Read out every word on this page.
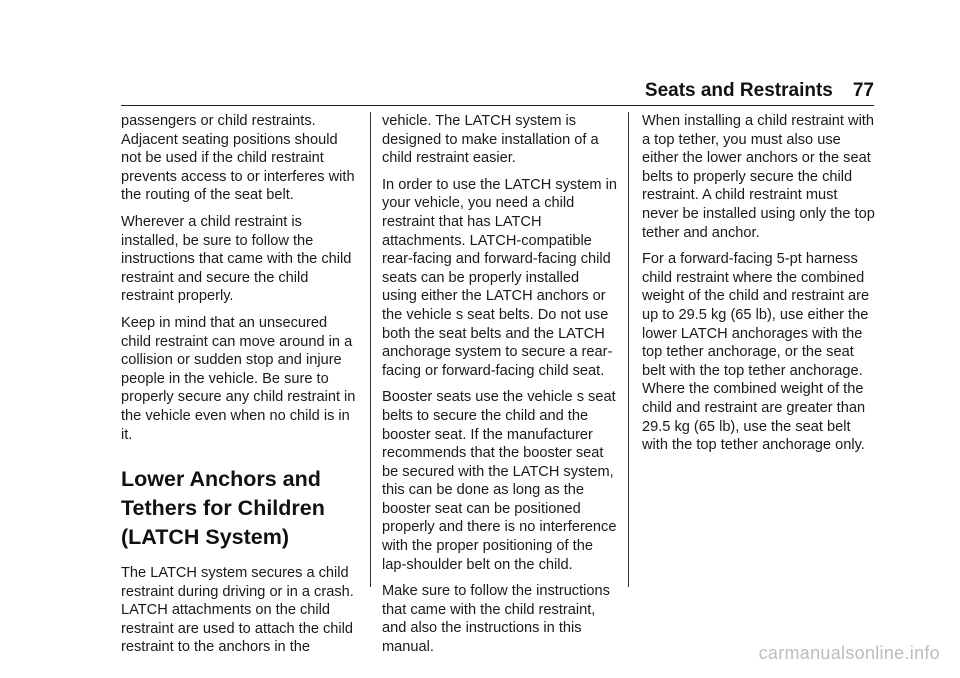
Seats and Restraints 77

passengers or child restraints. Adjacent seating positions should not be used if the child restraint prevents access to or interferes with the routing of the seat belt.

Wherever a child restraint is installed, be sure to follow the instructions that came with the child restraint and secure the child restraint properly.

Keep in mind that an unsecured child restraint can move around in a collision or sudden stop and injure people in the vehicle. Be sure to properly secure any child restraint in the vehicle even when no child is in it.

Lower Anchors and
Tethers for Children
(LATCH System)

The LATCH system secures a child restraint during driving or in a crash. LATCH attachments on the child restraint are used to attach the child restraint to the anchors in the

vehicle. The LATCH system is designed to make installation of a child restraint easier.

In order to use the LATCH system in your vehicle, you need a child restraint that has LATCH attachments. LATCH-compatible rear-facing and forward-facing child seats can be properly installed using either the LATCH anchors or the vehicle s seat belts. Do not use both the seat belts and the LATCH anchorage system to secure a rear-facing or forward-facing child seat.

Booster seats use the vehicle s seat belts to secure the child and the booster seat. If the manufacturer recommends that the booster seat be secured with the LATCH system, this can be done as long as the booster seat can be positioned properly and there is no interference with the proper positioning of the lap-shoulder belt on the child.

Make sure to follow the instructions that came with the child restraint, and also the instructions in this manual.

When installing a child restraint with a top tether, you must also use either the lower anchors or the seat belts to properly secure the child restraint. A child restraint must never be installed using only the top tether and anchor.

For a forward-facing 5-pt harness child restraint where the combined weight of the child and restraint are up to 29.5 kg (65 lb), use either the lower LATCH anchorages with the top tether anchorage, or the seat belt with the top tether anchorage. Where the combined weight of the child and restraint are greater than 29.5 kg (65 lb), use the seat belt with the top tether anchorage only.

carmanualsonline.info
